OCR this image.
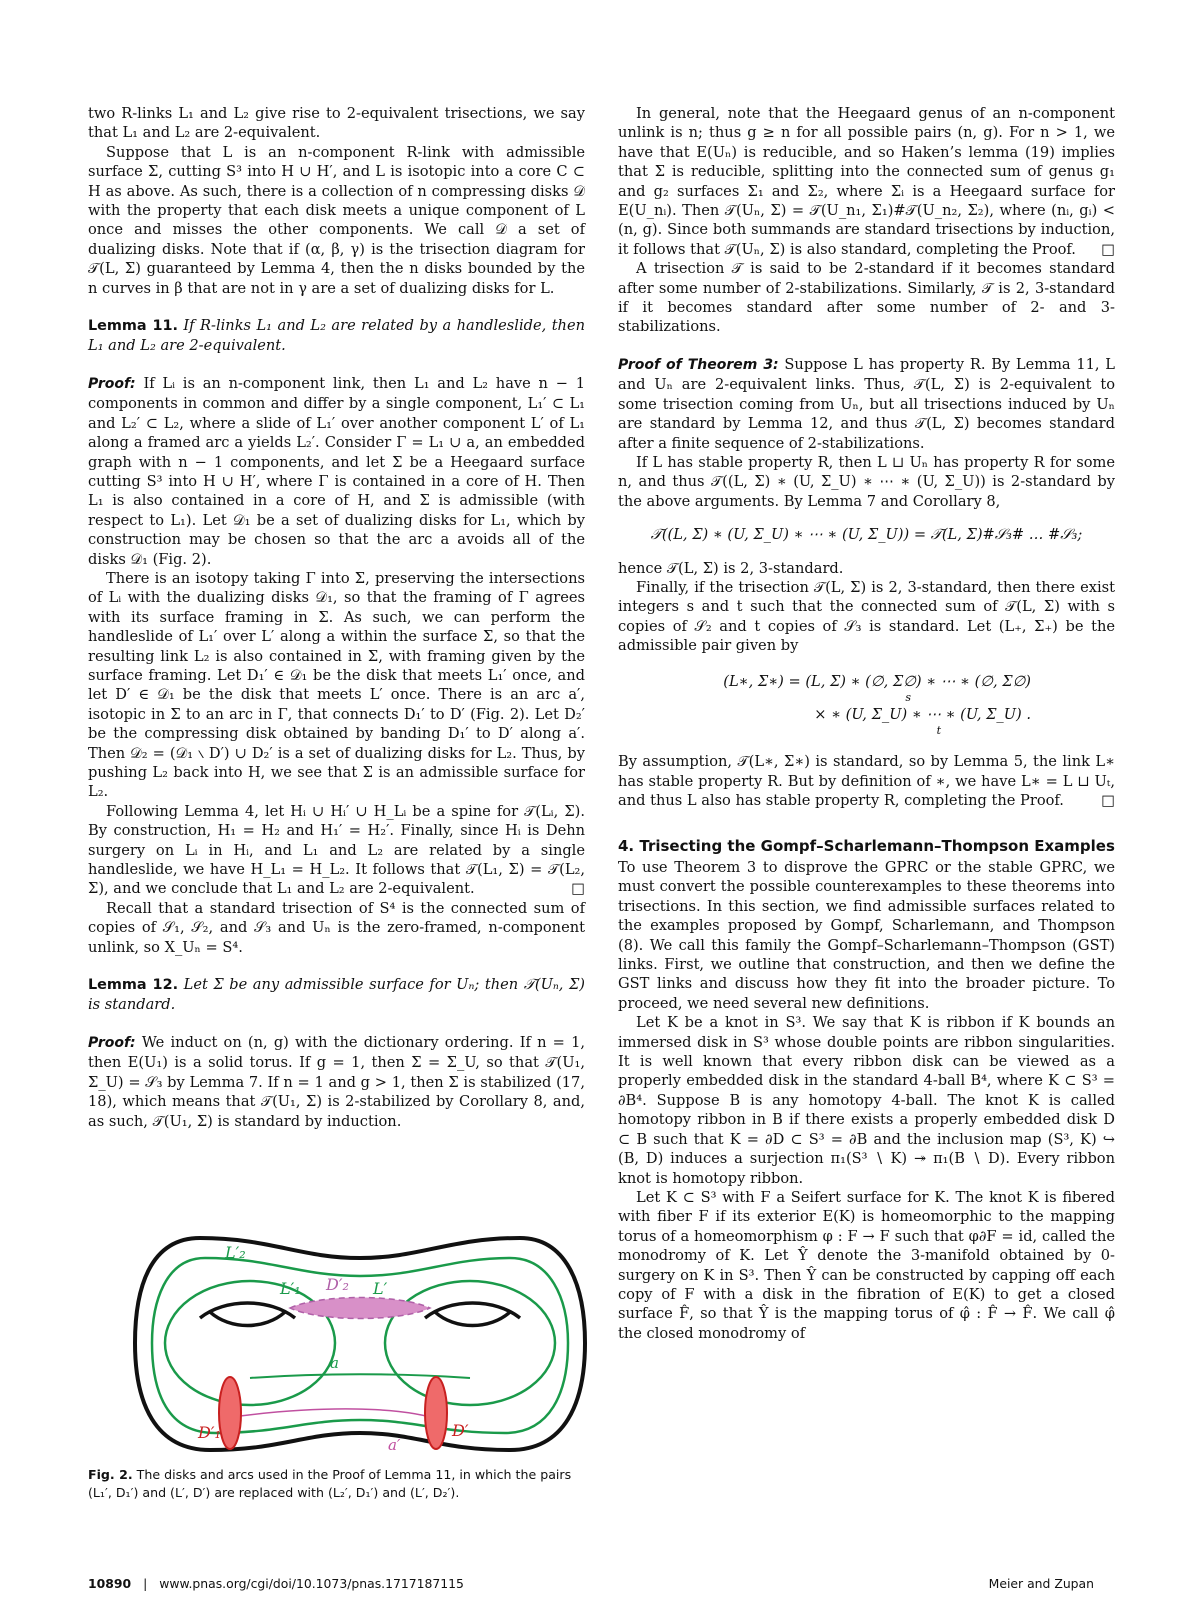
two R-links L₁ and L₂ give rise to 2-equivalent trisections, we say that L₁ and L₂ are 2-equivalent.

Suppose that L is an n-component R-link with admissible surface Σ, cutting S³ into H ∪ H′, and L is isotopic into a core C ⊂ H as above. As such, there is a collection of n compressing disks 𝒟 with the property that each disk meets a unique component of L once and misses the other components. We call 𝒟 a set of dualizing disks. Note that if (α, β, γ) is the trisection diagram for 𝒯(L, Σ) guaranteed by Lemma 4, then the n disks bounded by the n curves in β that are not in γ are a set of dualizing disks for L.

Lemma 11. If R-links L₁ and L₂ are related by a handleslide, then L₁ and L₂ are 2-equivalent.

Proof: If Lᵢ is an n-component link, then L₁ and L₂ have n − 1 components in common and differ by a single component, L₁′ ⊂ L₁ and L₂′ ⊂ L₂, where a slide of L₁′ over another component L′ of L₁ along a framed arc a yields L₂′. Consider Γ = L₁ ∪ a, an embedded graph with n − 1 components, and let Σ be a Heegaard surface cutting S³ into H ∪ H′, where Γ is contained in a core of H. Then L₁ is also contained in a core of H, and Σ is admissible (with respect to L₁). Let 𝒟₁ be a set of dualizing disks for L₁, which by construction may be chosen so that the arc a avoids all of the disks 𝒟₁ (Fig. 2).

There is an isotopy taking Γ into Σ, preserving the intersections of Lᵢ with the dualizing disks 𝒟₁, so that the framing of Γ agrees with its surface framing in Σ. As such, we can perform the handleslide of L₁′ over L′ along a within the surface Σ, so that the resulting link L₂ is also contained in Σ, with framing given by the surface framing. Let D₁′ ∈ 𝒟₁ be the disk that meets L₁′ once, and let D′ ∈ 𝒟₁ be the disk that meets L′ once. There is an arc a′, isotopic in Σ to an arc in Γ, that connects D₁′ to D′ (Fig. 2). Let D₂′ be the compressing disk obtained by banding D₁′ to D′ along a′. Then 𝒟₂ = (𝒟₁ ∖ D′) ∪ D₂′ is a set of dualizing disks for L₂. Thus, by pushing L₂ back into H, we see that Σ is an admissible surface for L₂.

Following Lemma 4, let Hᵢ ∪ Hᵢ′ ∪ H_Lᵢ be a spine for 𝒯(Lᵢ, Σ). By construction, H₁ = H₂ and H₁′ = H₂′. Finally, since Hᵢ is Dehn surgery on Lᵢ in Hᵢ, and L₁ and L₂ are related by a single handleslide, we have H_L₁ = H_L₂. It follows that 𝒯(L₁, Σ) = 𝒯(L₂, Σ), and we conclude that L₁ and L₂ are 2-equivalent.	□

Recall that a standard trisection of S⁴ is the connected sum of copies of 𝒮₁, 𝒮₂, and 𝒮₃ and Uₙ is the zero-framed, n-component unlink, so X_Uₙ = S⁴.

Lemma 12. Let Σ be any admissible surface for Uₙ; then 𝒯(Uₙ, Σ) is standard.

Proof: We induct on (n, g) with the dictionary ordering. If n = 1, then E(U₁) is a solid torus. If g = 1, then Σ = Σ_U, so that 𝒯(U₁, Σ_U) = 𝒮₃ by Lemma 7. If n = 1 and g > 1, then Σ is stabilized (17, 18), which means that 𝒯(U₁, Σ) is 2-stabilized by Corollary 8, and, as such, 𝒯(U₁, Σ) is standard by induction.

L′₂
L′₁	L′
D′₂
a
D′₁
a′
D′
Fig. 2. The disks and arcs used in the Proof of Lemma 11, in which the pairs (L₁′, D₁′) and (L′, D′) are replaced with (L₂′, D₁′) and (L′, D₂′).

In general, note that the Heegaard genus of an n-component unlink is n; thus g ≥ n for all possible pairs (n, g). For n > 1, we have that E(Uₙ) is reducible, and so Haken’s lemma (19) implies that Σ is reducible, splitting into the connected sum of genus g₁ and g₂ surfaces Σ₁ and Σ₂, where Σᵢ is a Heegaard surface for E(U_nᵢ). Then 𝒯(Uₙ, Σ) = 𝒯(U_n₁, Σ₁)#𝒯(U_n₂, Σ₂), where (nᵢ, gᵢ) < (n, g). Since both summands are standard trisections by induction, it follows that 𝒯(Uₙ, Σ) is also standard, completing the Proof.	□

A trisection 𝒯 is said to be 2-standard if it becomes standard after some number of 2-stabilizations. Similarly, 𝒯 is 2, 3-standard if it becomes standard after some number of 2- and 3-stabilizations.

Proof of Theorem 3: Suppose L has property R. By Lemma 11, L and Uₙ are 2-equivalent links. Thus, 𝒯(L, Σ) is 2-equivalent to some trisection coming from Uₙ, but all trisections induced by Uₙ are standard by Lemma 12, and thus 𝒯(L, Σ) becomes standard after a finite sequence of 2-stabilizations.

If L has stable property R, then L ⊔ Uₙ has property R for some n, and thus 𝒯((L, Σ) ∗ (U, Σ_U) ∗ ⋯ ∗ (U, Σ_U)) is 2-standard by the above arguments. By Lemma 7 and Corollary 8,

𝒯((L, Σ) ∗ (U, Σ_U) ∗ ⋯ ∗ (U, Σ_U)) = 𝒯(L, Σ)#𝒮₃# … #𝒮₃;

hence 𝒯(L, Σ) is 2, 3-standard.

Finally, if the trisection 𝒯(L, Σ) is 2, 3-standard, then there exist integers s and t such that the connected sum of 𝒯(L, Σ) with s copies of 𝒮₂ and t copies of 𝒮₃ is standard. Let (L₊, Σ₊) be the admissible pair given by

(L∗, Σ∗) = (L, Σ) ∗ (∅, Σ∅) ∗ ⋯ ∗ (∅, Σ∅)
s
× ∗ (U, Σ_U) ∗ ⋯ ∗ (U, Σ_U) .
t

By assumption, 𝒯(L∗, Σ∗) is standard, so by Lemma 5, the link L∗ has stable property R. But by definition of ∗, we have L∗ = L ⊔ Uₜ, and thus L also has stable property R, completing the Proof.	□

4. Trisecting the Gompf–Scharlemann–Thompson Examples

To use Theorem 3 to disprove the GPRC or the stable GPRC, we must convert the possible counterexamples to these theorems into trisections. In this section, we find admissible surfaces related to the examples proposed by Gompf, Scharlemann, and Thompson (8). We call this family the Gompf–Scharlemann–Thompson (GST) links. First, we outline that construction, and then we define the GST links and discuss how they fit into the broader picture. To proceed, we need several new definitions.

Let K be a knot in S³. We say that K is ribbon if K bounds an immersed disk in S³ whose double points are ribbon singularities. It is well known that every ribbon disk can be viewed as a properly embedded disk in the standard 4-ball B⁴, where K ⊂ S³ = ∂B⁴. Suppose B is any homotopy 4-ball. The knot K is called homotopy ribbon in B if there exists a properly embedded disk D ⊂ B such that K = ∂D ⊂ S³ = ∂B and the inclusion map (S³, K) ↪ (B, D) induces a surjection π₁(S³ ∖ K) ↠ π₁(B ∖ D). Every ribbon knot is homotopy ribbon.

Let K ⊂ S³ with F a Seifert surface for K. The knot K is fibered with fiber F if its exterior E(K) is homeomorphic to the mapping torus of a homeomorphism φ : F → F such that φ∂F = id, called the monodromy of K. Let Ŷ denote the 3-manifold obtained by 0-surgery on K in S³. Then Ŷ can be constructed by capping off each copy of F with a disk in the fibration of E(K) to get a closed surface F̂, so that Ŷ is the mapping torus of φ̂ : F̂ → F̂. We call φ̂ the closed monodromy of

10890 | www.pnas.org/cgi/doi/10.1073/pnas.1717187115	Meier and Zupan
